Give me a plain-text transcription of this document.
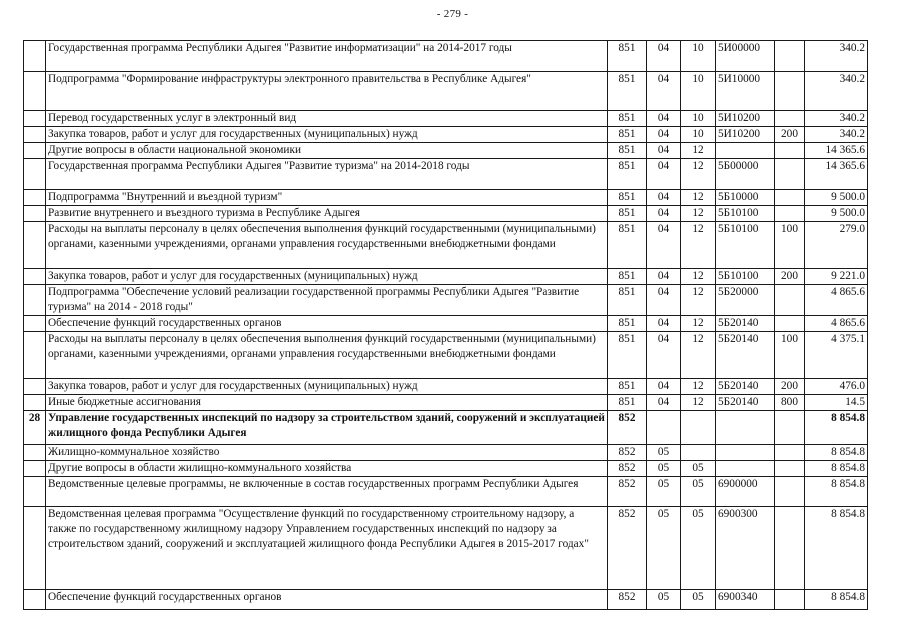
- 279 -
	Государственная программа Республики Адыгея "Развитие информатизации" на 2014-2017 годы	851	04	10	5И00000		340.2
	Подпрограмма "Формирование инфраструктуры электронного правительства в Республике Адыгея"	851	04	10	5И10000		340.2
	Перевод государственных услуг в электронный вид	851	04	10	5И10200		340.2
	Закупка товаров, работ и услуг для государственных (муниципальных) нужд	851	04	10	5И10200	200	340.2
	Другие вопросы в области национальной экономики	851	04	12			14 365.6
	Государственная программа Республики Адыгея "Развитие туризма" на 2014-2018 годы	851	04	12	5Б00000		14 365.6
	Подпрограмма "Внутренний и въездной туризм"	851	04	12	5Б10000		9 500.0
	Развитие внутреннего и въездного туризма в Республике Адыгея	851	04	12	5Б10100		9 500.0
	Расходы на выплаты персоналу в целях обеспечения выполнения функций государственными (муниципальными) органами, казенными учреждениями, органами управления государственными внебюджетными фондами	851	04	12	5Б10100	100	279.0
	Закупка товаров, работ и услуг для государственных (муниципальных) нужд	851	04	12	5Б10100	200	9 221.0
	Подпрограмма "Обеспечение условий реализации государственной программы Республики Адыгея "Развитие туризма" на 2014 - 2018 годы"	851	04	12	5Б20000		4 865.6
	Обеспечение функций государственных органов	851	04	12	5Б20140		4 865.6
	Расходы на выплаты персоналу в целях обеспечения выполнения функций государственными (муниципальными) органами, казенными учреждениями, органами управления государственными внебюджетными фондами	851	04	12	5Б20140	100	4 375.1
	Закупка товаров, работ и услуг для государственных (муниципальных) нужд	851	04	12	5Б20140	200	476.0
	Иные бюджетные ассигнования	851	04	12	5Б20140	800	14.5
28	Управление государственных инспекций по надзору за строительством зданий, сооружений и эксплуатацией жилищного фонда Республики Адыгея	852					8 854.8
	Жилищно-коммунальное хозяйство	852	05				8 854.8
	Другие вопросы в области жилищно-коммунального хозяйства	852	05	05			8 854.8
	Ведомственные целевые программы, не включенные в состав государственных программ Республики Адыгея	852	05	05	6900000		8 854.8
	Ведомственная целевая программа "Осуществление функций по государственному строительному надзору, а также по государственному жилищному надзору Управлением государственных инспекций по надзору за строительством зданий, сооружений и эксплуатацией жилищного фонда Республики Адыгея в 2015-2017 годах"	852	05	05	6900300		8 854.8
	Обеспечение функций государственных органов	852	05	05	6900340		8 854.8
